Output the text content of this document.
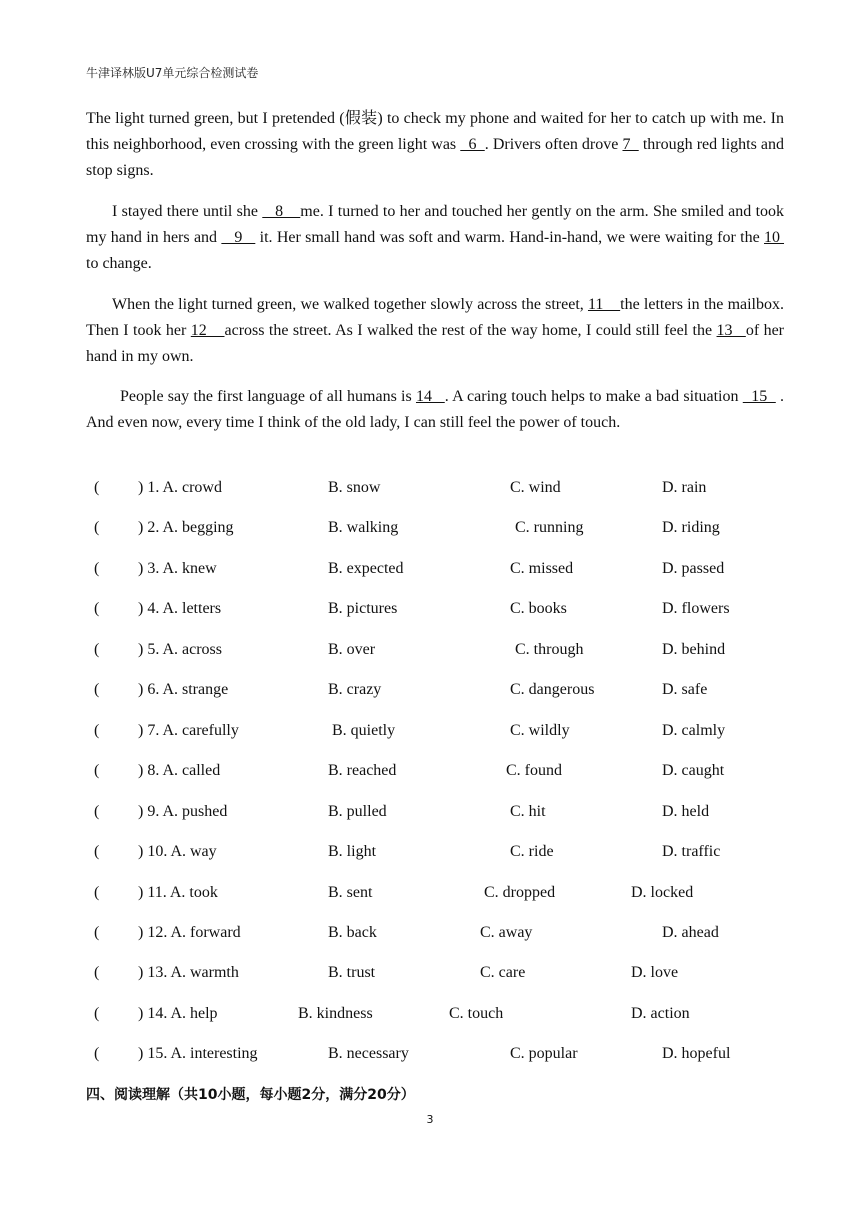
牛津译林版U7单元综合检测试卷
The light turned green, but I pretended (假装) to check my phone and waited for her to catch up with me. In this neighborhood, even crossing with the green light was   6  . Drivers often drove 7   through red lights and stop signs.
I stayed there until she    8    me. I turned to her and touched her gently on the arm. She smiled and took my hand in hers and    9    it. Her small hand was soft and warm. Hand-in-hand, we were waiting for the 10  to change.
When the light turned green, we walked together slowly across the street, 11    the letters in the mailbox. Then I took her 12    across the street. As I walked the rest of the way home, I could still feel the 13   of her hand in my own.
People say the first language of all humans is 14   . A caring touch helps to make a bad situation   15   . And even now, every time I think of the old lady, I can still feel the power of touch.
( ) 1. A. crowd	B. snow	C. wind	D. rain
( ) 2. A. begging	B. walking	C. running	D. riding
( ) 3. A. knew	B. expected	C. missed	D. passed
( ) 4. A. letters	B. pictures	C. books	D. flowers
( ) 5. A. across	B. over	C. through	D. behind
( ) 6. A. strange	B. crazy	C. dangerous	D. safe
( ) 7. A. carefully	B. quietly	C. wildly	D. calmly
( ) 8. A. called	B. reached	C. found	D. caught
( ) 9. A. pushed	B. pulled	C. hit	D. held
( ) 10. A. way	B. light	C. ride	D. traffic
( ) 11. A. took	B. sent	C. dropped	D. locked
( ) 12. A. forward	B. back	C. away	D. ahead
( ) 13. A. warmth	B. trust	C. care	D. love
( ) 14. A. help	B. kindness	C. touch	D. action
( ) 15. A. interesting	B. necessary	C. popular	D. hopeful
四、阅读理解（共10小题，每小题2分，满分20分）
3
